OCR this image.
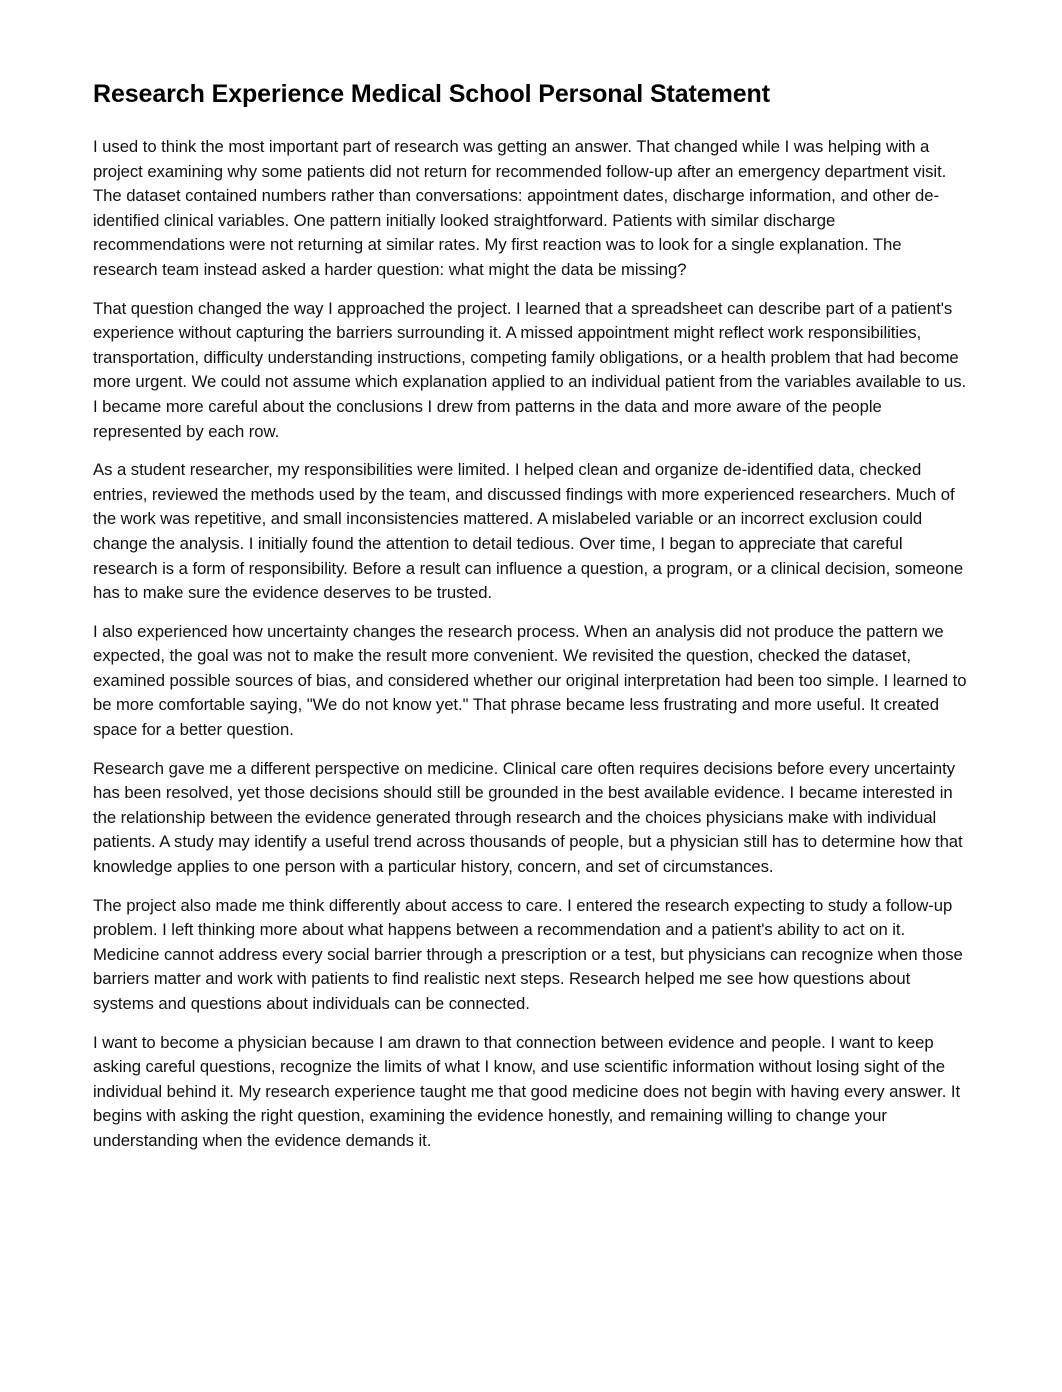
Research Experience Medical School Personal Statement

I used to think the most important part of research was getting an answer. That changed while I was helping with a project examining why some patients did not return for recommended follow-up after an emergency department visit. The dataset contained numbers rather than conversations: appointment dates, discharge information, and other de-identified clinical variables. One pattern initially looked straightforward. Patients with similar discharge recommendations were not returning at similar rates. My first reaction was to look for a single explanation. The research team instead asked a harder question: what might the data be missing?

That question changed the way I approached the project. I learned that a spreadsheet can describe part of a patient's experience without capturing the barriers surrounding it. A missed appointment might reflect work responsibilities, transportation, difficulty understanding instructions, competing family obligations, or a health problem that had become more urgent. We could not assume which explanation applied to an individual patient from the variables available to us. I became more careful about the conclusions I drew from patterns in the data and more aware of the people represented by each row.

As a student researcher, my responsibilities were limited. I helped clean and organize de-identified data, checked entries, reviewed the methods used by the team, and discussed findings with more experienced researchers. Much of the work was repetitive, and small inconsistencies mattered. A mislabeled variable or an incorrect exclusion could change the analysis. I initially found the attention to detail tedious. Over time, I began to appreciate that careful research is a form of responsibility. Before a result can influence a question, a program, or a clinical decision, someone has to make sure the evidence deserves to be trusted.

I also experienced how uncertainty changes the research process. When an analysis did not produce the pattern we expected, the goal was not to make the result more convenient. We revisited the question, checked the dataset, examined possible sources of bias, and considered whether our original interpretation had been too simple. I learned to be more comfortable saying, "We do not know yet." That phrase became less frustrating and more useful. It created space for a better question.

Research gave me a different perspective on medicine. Clinical care often requires decisions before every uncertainty has been resolved, yet those decisions should still be grounded in the best available evidence. I became interested in the relationship between the evidence generated through research and the choices physicians make with individual patients. A study may identify a useful trend across thousands of people, but a physician still has to determine how that knowledge applies to one person with a particular history, concern, and set of circumstances.

The project also made me think differently about access to care. I entered the research expecting to study a follow-up problem. I left thinking more about what happens between a recommendation and a patient's ability to act on it. Medicine cannot address every social barrier through a prescription or a test, but physicians can recognize when those barriers matter and work with patients to find realistic next steps. Research helped me see how questions about systems and questions about individuals can be connected.

I want to become a physician because I am drawn to that connection between evidence and people. I want to keep asking careful questions, recognize the limits of what I know, and use scientific information without losing sight of the individual behind it. My research experience taught me that good medicine does not begin with having every answer. It begins with asking the right question, examining the evidence honestly, and remaining willing to change your understanding when the evidence demands it.
